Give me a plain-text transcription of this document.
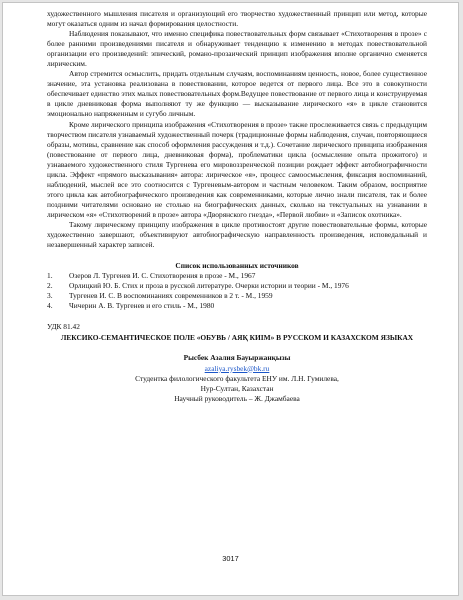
художественного мышления писателя и организующий его творчество художественный принцип или метод, которые могут оказаться одним из начал формирования целостности.

Наблюдения показывают, что именно специфика повествовательных форм связывает «Стихотворения в прозе» с более ранними произведениями писателя и обнаруживает тенденцию к изменению в методах повествовательной организации его произведений: эпический, романо-прозаический принцип изображения вполне органично сменяется лирическим.

Автор стремится осмыслить, придать отдельным случаям, воспоминаниям ценность, новое, более существенное значение, эта установка реализована в повествовании, которое ведется от первого лица. Все это в совокупности обеспечивает единство этих малых повествовательных форм.Ведущее повествование от первого лица и конструируемая в цикле дневниковая форма выполняют ту же функцию — высказывание лирического «я» в цикле становится эмоционально напряженным и сугубо личным.

Кроме лирического принципа изображения «Стихотворения в прозе» также прослеживается связь с предыдущим творчеством писателя узнаваемый художественный почерк (традиционные формы наблюдения, случаи, повторяющиеся образы, мотивы, сравнение как способ оформления рассуждения и т.д.). Сочетание лирического принципа изображения (повествование от первого лица, дневниковая форма), проблематики цикла (осмысление опыта прожитого) и узнаваемого художественного стиля Тургенева его мировоззренческой позиции рождает эффект автобиографичности цикла. Эффект «прямого высказывания» автора: лирическое «я», процесс самоосмысления, фиксация воспоминаний, наблюдений, мыслей все это соотносится с Тургеневым-автором и частным человеком. Таким образом, восприятие этого цикла как автобиографического произведения как современниками, которые лично знали писателя, так и более поздними читателями основано не столько на биографических данных, сколько на текстуальных на узнавании в лирическом «я» «Стихотворений в прозе» автора «Дворянского гнезда», «Первой любви» и «Записок охотника».

Такому лирическому принципу изображения в цикле противостоят другие повествовательные формы, которые художественно завершают, объективируют автобиографическую направленность произведения, исповедальный и незавершенный характер записей.

Список использованных источников
1.	Озеров Л. Тургенев И. С. Стихотворения в прозе - М., 1967
2.	Орлицкий Ю. Б. Стих и проза в русской литературе. Очерки истории и теории - М., 1976
3.	Тургенев И. С. В воспоминаниях современников в 2 т. - М., 1959
4.	Чичерин А. В. Тургенев и его стиль - М., 1980
УДК 81.42
ЛЕКСИКО-СЕМАНТИЧЕСКОЕ ПОЛЕ «ОБУВЬ / АЯҚ КИІМ» В РУССКОМ И КАЗАХСКОМ ЯЗЫКАХ
Рысбек Азалия Бауыржанқызы
azaliya.rysbek@bk.ru
Студентка филологического факультета ЕНУ им. Л.Н. Гумилева,
Нур-Султан, Казахстан
Научный руководитель – Ж. Джамбаева
3017
